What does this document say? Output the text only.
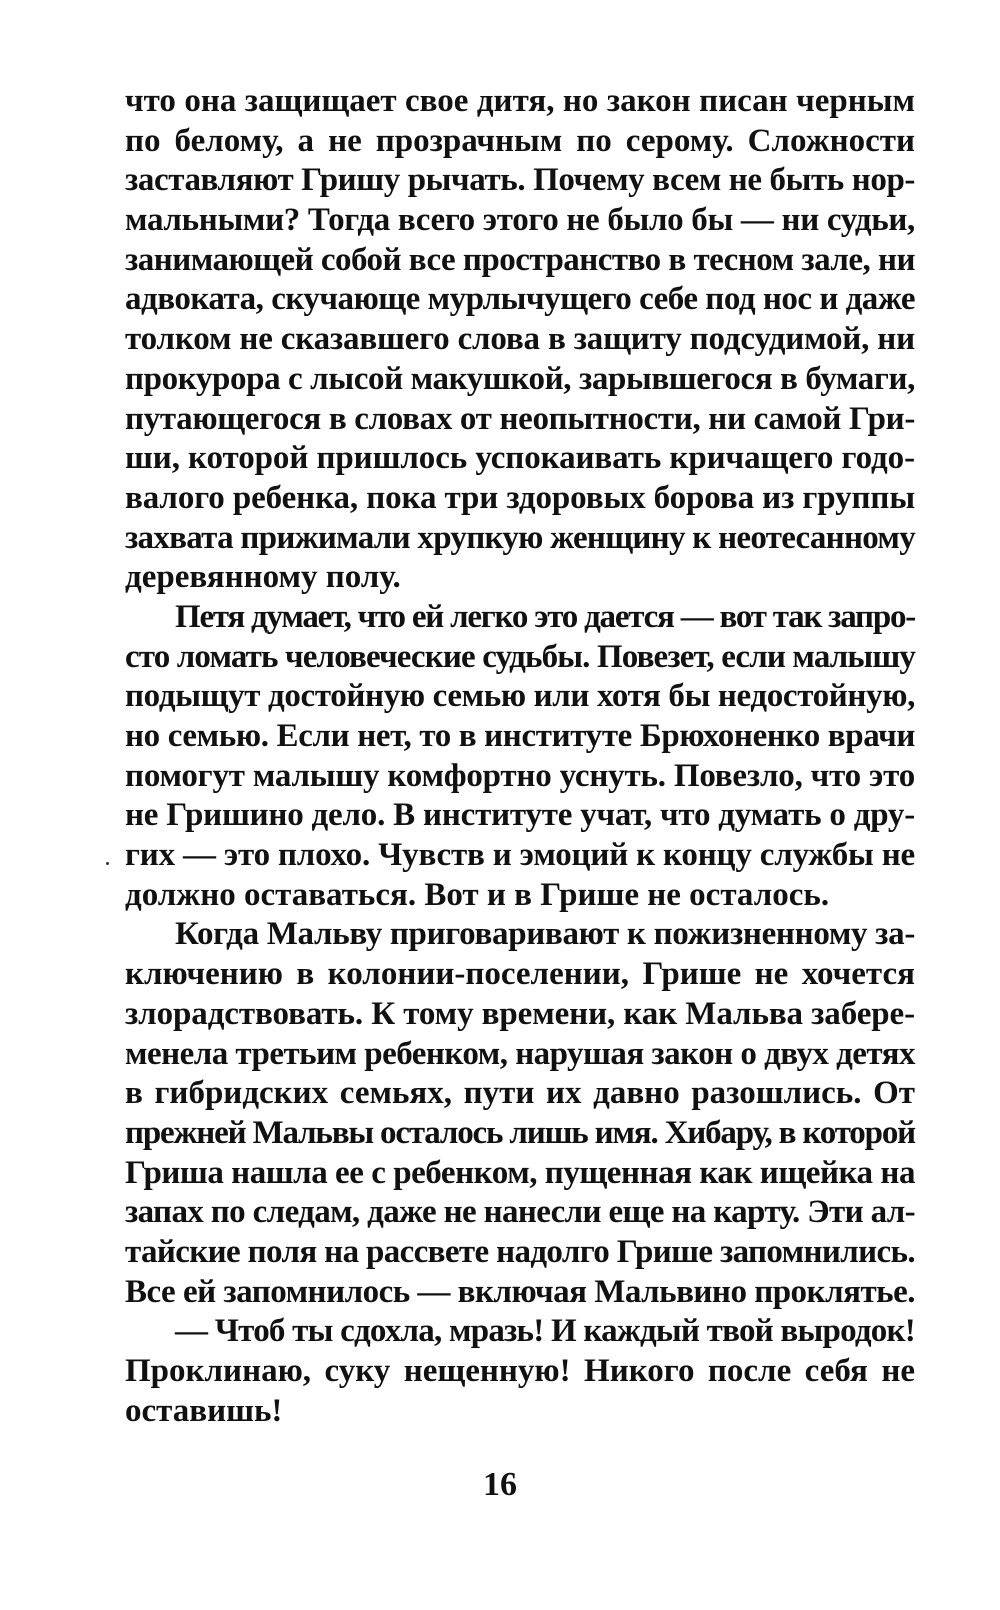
что она защищает свое дитя, но закон писан черным
по белому, а не прозрачным по серому. Сложности
заставляют Гришу рычать. Почему всем не быть нор-
мальными? Тогда всего этого не было бы — ни судьи,
занимающей собой все пространство в тесном зале, ни
адвоката, скучающе мурлычущего себе под нос и даже
толком не сказавшего слова в защиту подсудимой, ни
прокурора с лысой макушкой, зарывшегося в бумаги,
путающегося в словах от неопытности, ни самой Гри-
ши, которой пришлось успокаивать кричащего годо-
валого ребенка, пока три здоровых борова из группы
захвата прижимали хрупкую женщину к неотесанному
деревянному полу.
Петя думает, что ей легко это дается — вот так запро-
сто ломать человеческие судьбы. Повезет, если малышу
подыщут достойную семью или хотя бы недостойную,
но семью. Если нет, то в институте Брюхоненко врачи
помогут малышу комфортно уснуть. Повезло, что это
не Гришино дело. В институте учат, что думать о дру-
гих — это плохо. Чувств и эмоций к концу службы не
должно оставаться. Вот и в Грише не осталось.
Когда Мальву приговаривают к пожизненному за-
ключению в колонии-поселении, Грише не хочется
злорадствовать. К тому времени, как Мальва забере-
менела третьим ребенком, нарушая закон о двух детях
в гибридских семьях, пути их давно разошлись. От
прежней Мальвы осталось лишь имя. Хибару, в которой
Гриша нашла ее с ребенком, пущенная как ищейка на
запах по следам, даже не нанесли еще на карту. Эти ал-
тайские поля на рассвете надолго Грише запомнились.
Все ей запомнилось — включая Мальвино проклятье.
— Чтоб ты сдохла, мразь! И каждый твой выродок!
Проклинаю, суку нещенную! Никого после себя не
оставишь!
16
